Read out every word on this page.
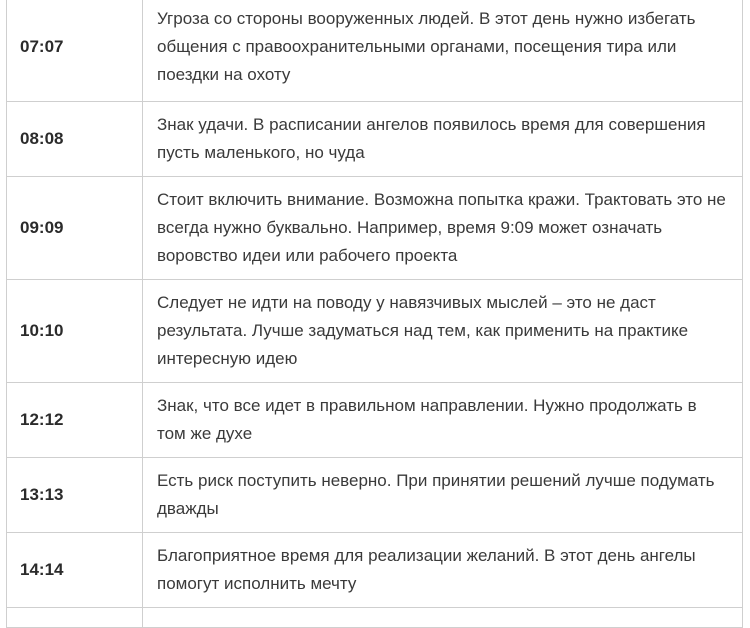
07:07	Угроза со стороны вооруженных людей. В этот день нужно избегать общения с правоохранительными органами, посещения тира или поездки на охоту
08:08	Знак удачи. В расписании ангелов появилось время для совершения пусть маленького, но чуда
09:09	Стоит включить внимание. Возможна попытка кражи. Трактовать это не всегда нужно буквально. Например, время 9:09 может означать воровство идеи или рабочего проекта
10:10	Следует не идти на поводу у навязчивых мыслей – это не даст результата. Лучше задуматься над тем, как применить на практике интересную идею
12:12	Знак, что все идет в правильном направлении. Нужно продолжать в том же духе
13:13	Есть риск поступить неверно. При принятии решений лучше подумать дважды
14:14	Благоприятное время для реализации желаний. В этот день ангелы помогут исполнить мечту
